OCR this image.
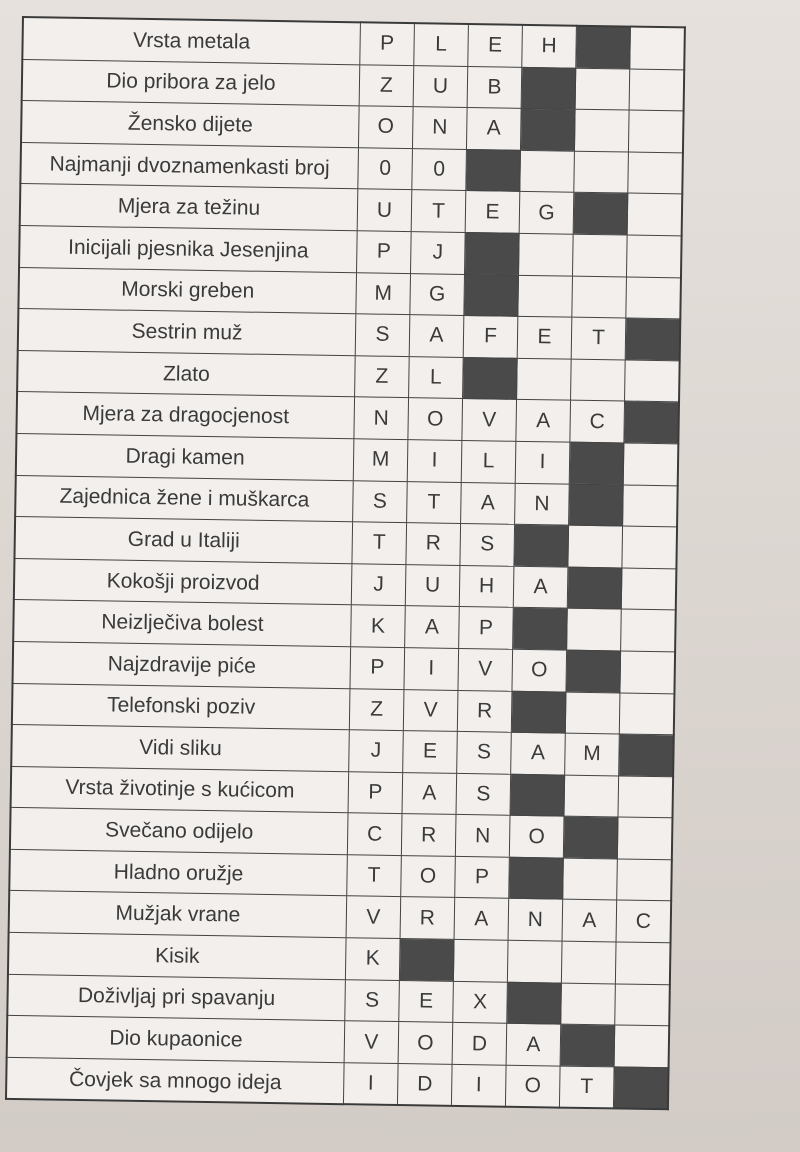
Vrsta metala	P	L	E	H		
Dio pribora za jelo	Z	U	B			
Žensko dijete	O	N	A			
Najmanji dvoznamenkasti broj	0	0				
Mjera za težinu	U	T	E	G		
Inicijali pjesnika Jesenjina	P	J				
Morski greben	M	G				
Sestrin muž	S	A	F	E	T	
Zlato	Z	L				
Mjera za dragocjenost	N	O	V	A	C	
Dragi kamen	M	I	L	I		
Zajednica žene i muškarca	S	T	A	N		
Grad u Italiji	T	R	S			
Kokošji proizvod	J	U	H	A		
Neizlječiva bolest	K	A	P			
Najzdravije piće	P	I	V	O		
Telefonski poziv	Z	V	R			
Vidi sliku	J	E	S	A	M	
Vrsta životinje s kućicom	P	A	S			
Svečano odijelo	C	R	N	O		
Hladno oružje	T	O	P			
Mužjak vrane	V	R	A	N	A	C
Kisik	K					
Doživljaj pri spavanju	S	E	X			
Dio kupaonice	V	O	D	A		
Čovjek sa mnogo ideja	I	D	I	O	T	
